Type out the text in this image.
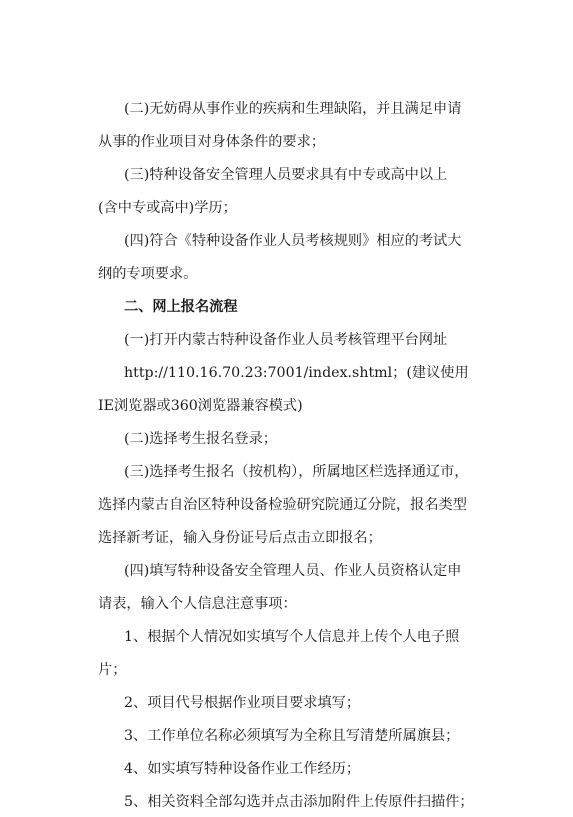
(二)无妨碍从事作业的疾病和生理缺陷，并且满足申请
从事的作业项目对身体条件的要求；
(三)特种设备安全管理人员要求具有中专或高中以上
(含中专或高中)学历；
(四)符合《特种设备作业人员考核规则》相应的考试大
纲的专项要求。
二、网上报名流程
(一)打开内蒙古特种设备作业人员考核管理平台网址
http://110.16.70.23:7001/index.shtml；(建议使用
IE浏览器或360浏览器兼容模式)
(二)选择考生报名登录；
(三)选择考生报名（按机构），所属地区栏选择通辽市，
选择内蒙古自治区特种设备检验研究院通辽分院，报名类型
选择新考证，输入身份证号后点击立即报名；
(四)填写特种设备安全管理人员、作业人员资格认定申
请表，输入个人信息注意事项：
1、根据个人情况如实填写个人信息并上传个人电子照
片；
2、项目代号根据作业项目要求填写；
3、工作单位名称必须填写为全称且写清楚所属旗县；
4、如实填写特种设备作业工作经历；
5、相关资料全部勾选并点击添加附件上传原件扫描件；
